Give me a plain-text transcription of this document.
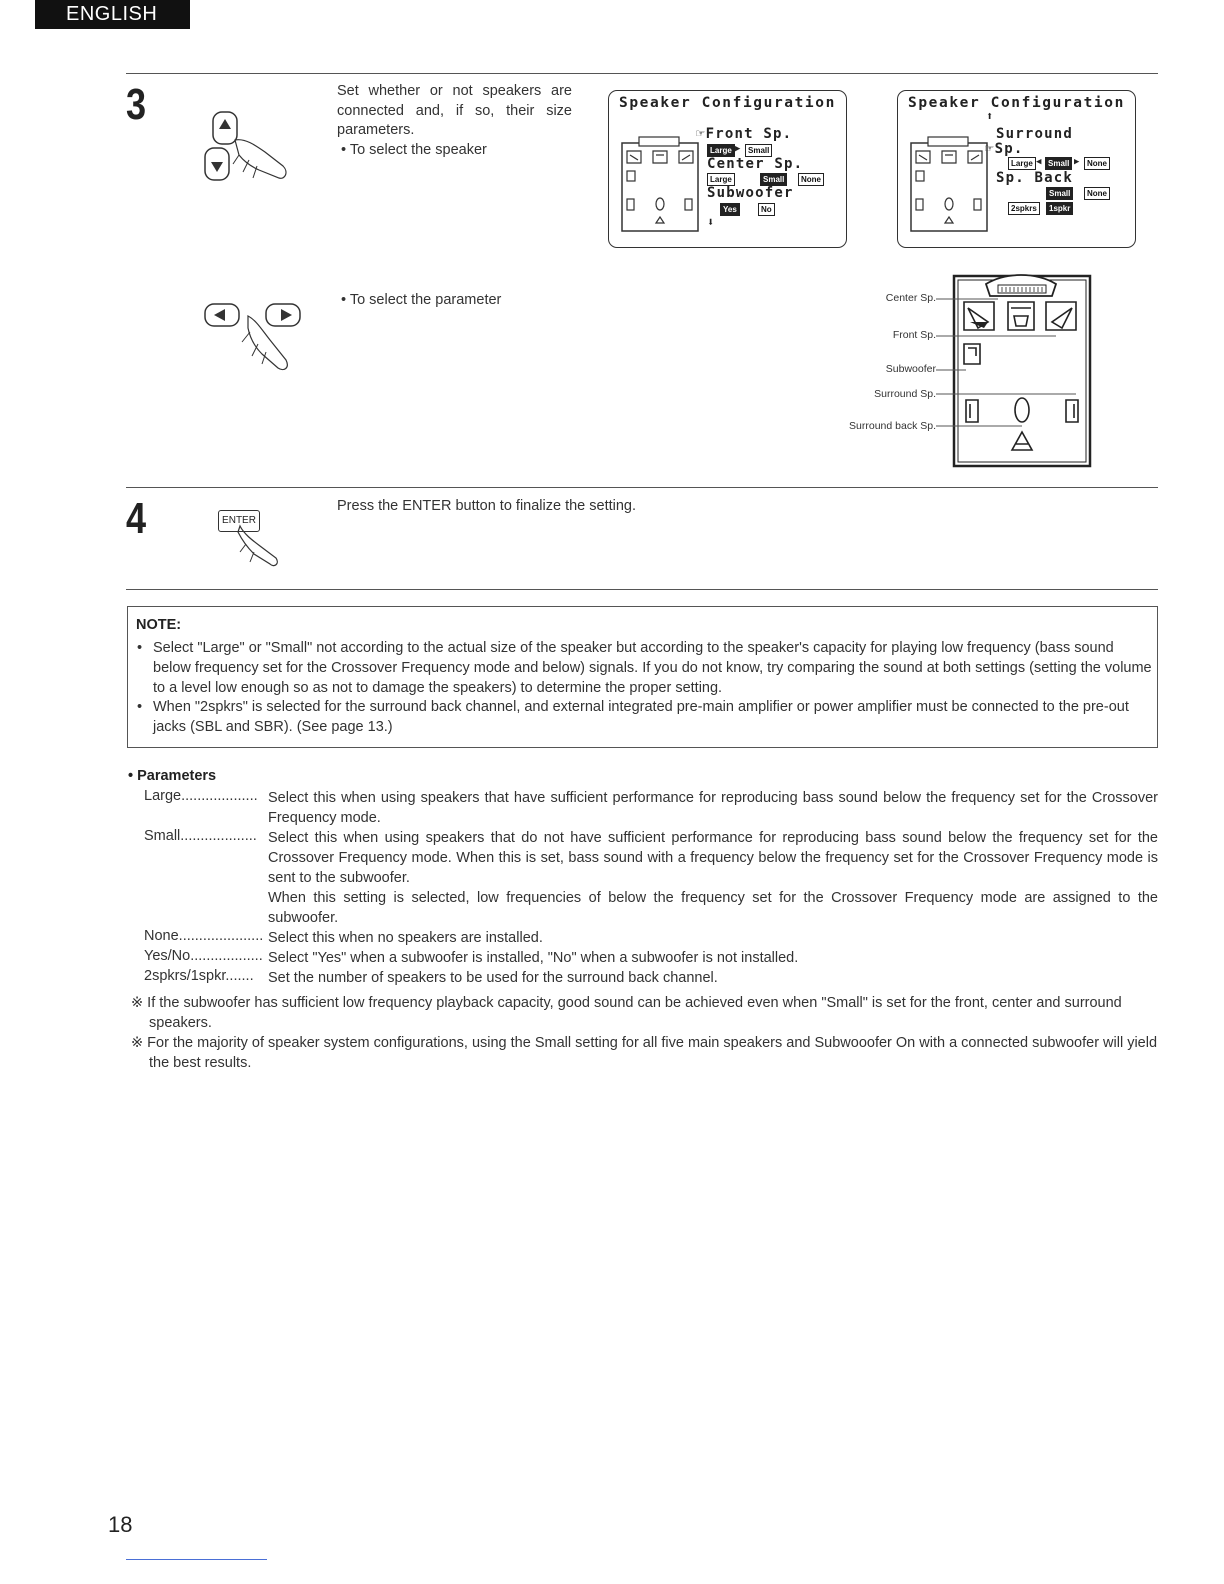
ENGLISH
3	Set whether or not speakers are connected and, if so, their size parameters.
• To select the speaker
Speaker Configuration
☞Front Sp.
Large ▶ Small
Center Sp.
Large	Small	None
Subwoofer
Yes	No
⬇
Speaker Configuration
⬆
Surround
☞Sp.
Large ◀ Small ▶ None
Sp. Back
Small	None
2spkrs	1spkr
• To select the parameter	Center Sp.
Front Sp.
Subwoofer
Surround Sp.
Surround back Sp.
4	ENTER
Press the ENTER button to finalize the setting.
NOTE:
• Select "Large" or "Small" not according to the actual size of the speaker but according to the speaker's capacity for playing low frequency (bass sound below frequency set for the Crossover Frequency mode and below) signals. If you do not know, try comparing the sound at both settings (setting the volume to a level low enough so as not to damage the speakers) to determine the proper setting.
• When "2spkrs" is selected for the surround back channel, and external integrated pre-main amplifier or power amplifier must be connected to the pre-out jacks (SBL and SBR). (See page 13.)
• Parameters
Large................... Select this when using speakers that have sufficient performance for reproducing bass sound below the frequency set for the Crossover Frequency mode.
Small................... Select this when using speakers that do not have sufficient performance for reproducing bass sound below the frequency set for the Crossover Frequency mode. When this is set, bass sound with a frequency below the frequency set for the Crossover Frequency mode is sent to the subwoofer.
When this setting is selected, low frequencies of below the frequency set for the Crossover Frequency mode are assigned to the subwoofer.
None..................... Select this when no speakers are installed.
Yes/No.................. Select "Yes" when a subwoofer is installed, "No" when a subwoofer is not installed.
2spkrs/1spkr....... Set the number of speakers to be used for the surround back channel.
※ If the subwoofer has sufficient low frequency playback capacity, good sound can be achieved even when "Small" is set for the front, center and surround speakers.
※ For the majority of speaker system configurations, using the Small setting for all five main speakers and Subwooofer On with a connected subwoofer will yield the best results.
18
